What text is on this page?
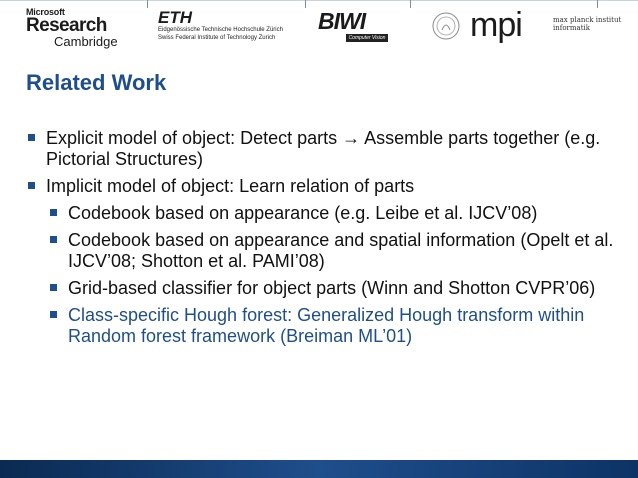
Microsoft
Research
Cambridge
ETH
Eidgenössische Technische Hochschule Zürich
Swiss Federal Institute of Technology Zurich
BIWI
Computer Vision mpi	max planck institut
informatik
Related Work
Explicit model of object: Detect parts → Assemble parts together (e.g. Pictorial Structures)
Implicit model of object: Learn relation of parts
Codebook based on appearance (e.g. Leibe et al. IJCV’08)
Codebook based on appearance and spatial information (Opelt et al. IJCV’08; Shotton et al. PAMI’08)
Grid-based classifier for object parts (Winn and Shotton CVPR’06)
Class-specific Hough forest: Generalized Hough transform within Random forest framework (Breiman ML’01)
